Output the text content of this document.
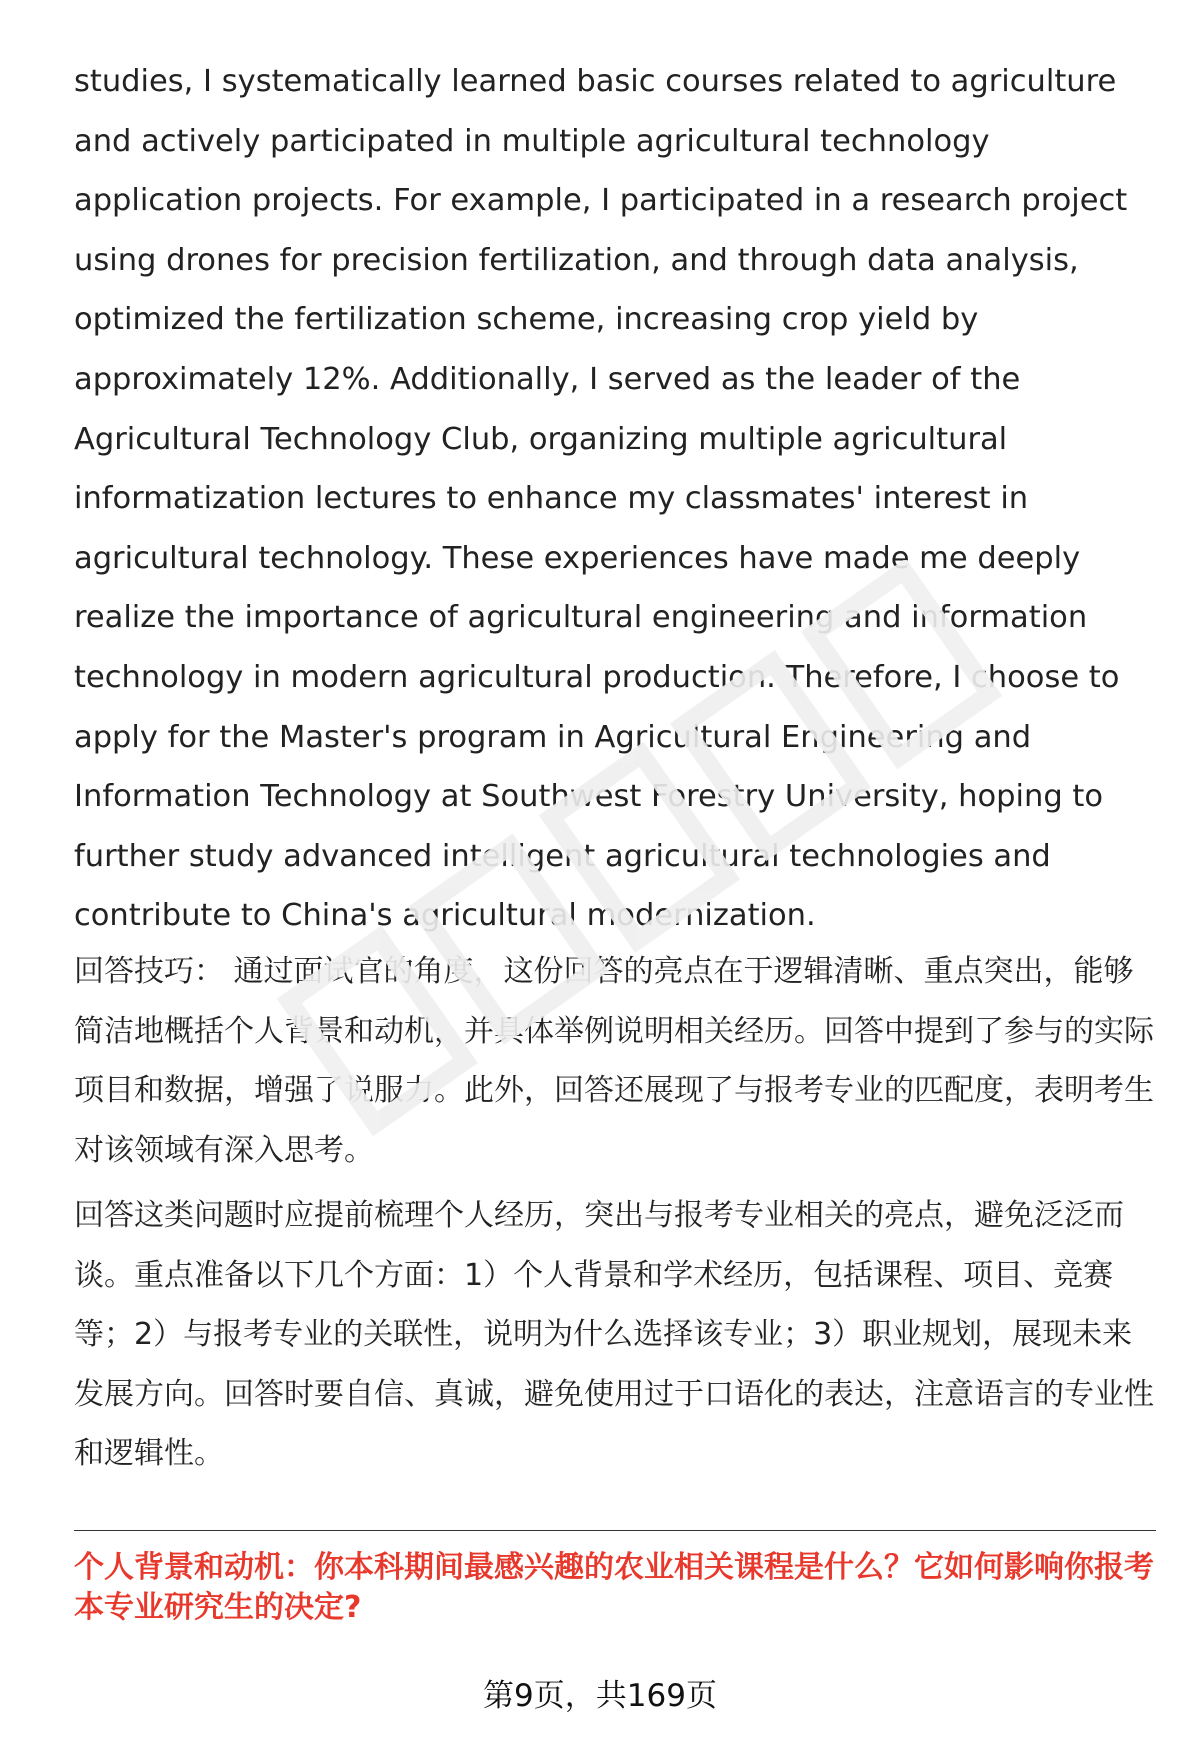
studies, I systematically learned basic courses related to agriculture and actively participated in multiple agricultural technology application projects. For example, I participated in a research project using drones for precision fertilization, and through data analysis, optimized the fertilization scheme, increasing crop yield by approximately 12%. Additionally, I served as the leader of the Agricultural Technology Club, organizing multiple agricultural informatization lectures to enhance my classmates' interest in agricultural technology. These experiences have made me deeply realize the importance of agricultural engineering and information technology in modern agricultural production. Therefore, I choose to apply for the Master's program in Agricultural Engineering and Information Technology at Southwest Forestry University, hoping to further study advanced intelligent agricultural technologies and contribute to China's agricultural modernization.

回答技巧： 通过面试官的角度，这份回答的亮点在于逻辑清晰、重点突出，能够简洁地概括个人背景和动机，并具体举例说明相关经历。回答中提到了参与的实际项目和数据，增强了说服力。此外，回答还展现了与报考专业的匹配度，表明考生对该领域有深入思考。

回答这类问题时应提前梳理个人经历，突出与报考专业相关的亮点，避免泛泛而谈。重点准备以下几个方面：1）个人背景和学术经历，包括课程、项目、竞赛等；2）与报考专业的关联性，说明为什么选择该专业；3）职业规划，展现未来发展方向。回答时要自信、真诚，避免使用过于口语化的表达，注意语言的专业性和逻辑性。

个人背景和动机：你本科期间最感兴趣的农业相关课程是什么？它如何影响你报考本专业研究生的决定?

第9页，共169页
